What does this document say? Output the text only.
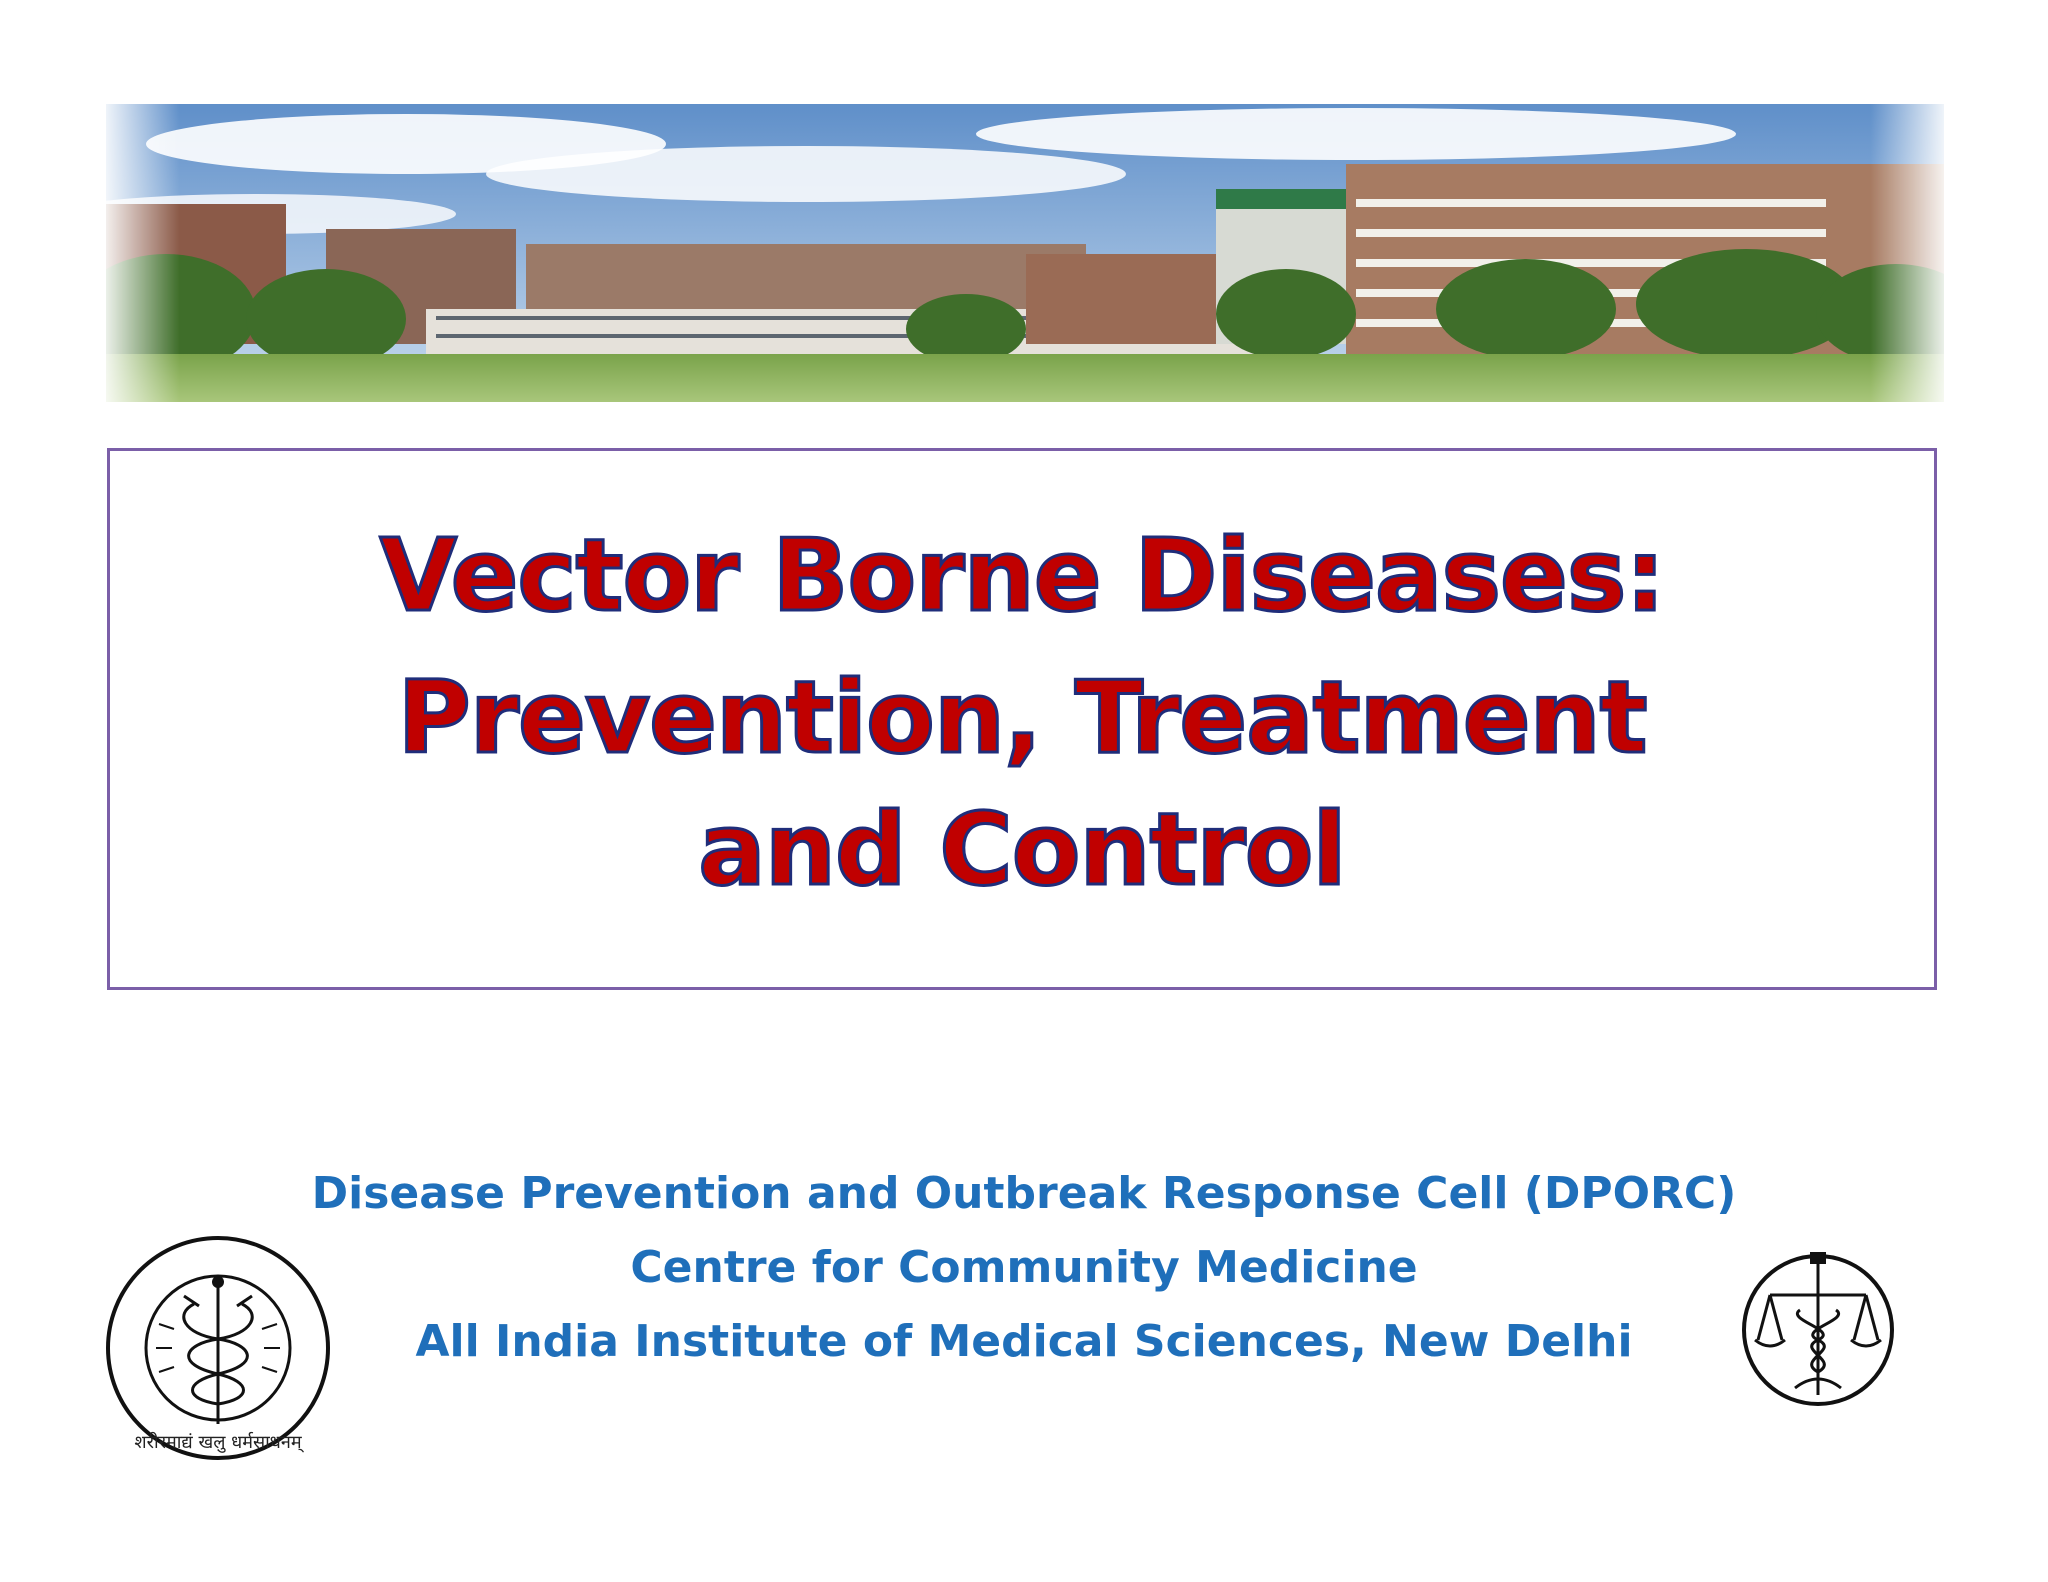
Vector Borne Diseases:
Prevention, Treatment
and Control
Disease Prevention and Outbreak Response Cell (DPORC)
Centre for Community Medicine
All India Institute of Medical Sciences, New Delhi
शरीरमाद्यं खलु धर्मसाधनम्
